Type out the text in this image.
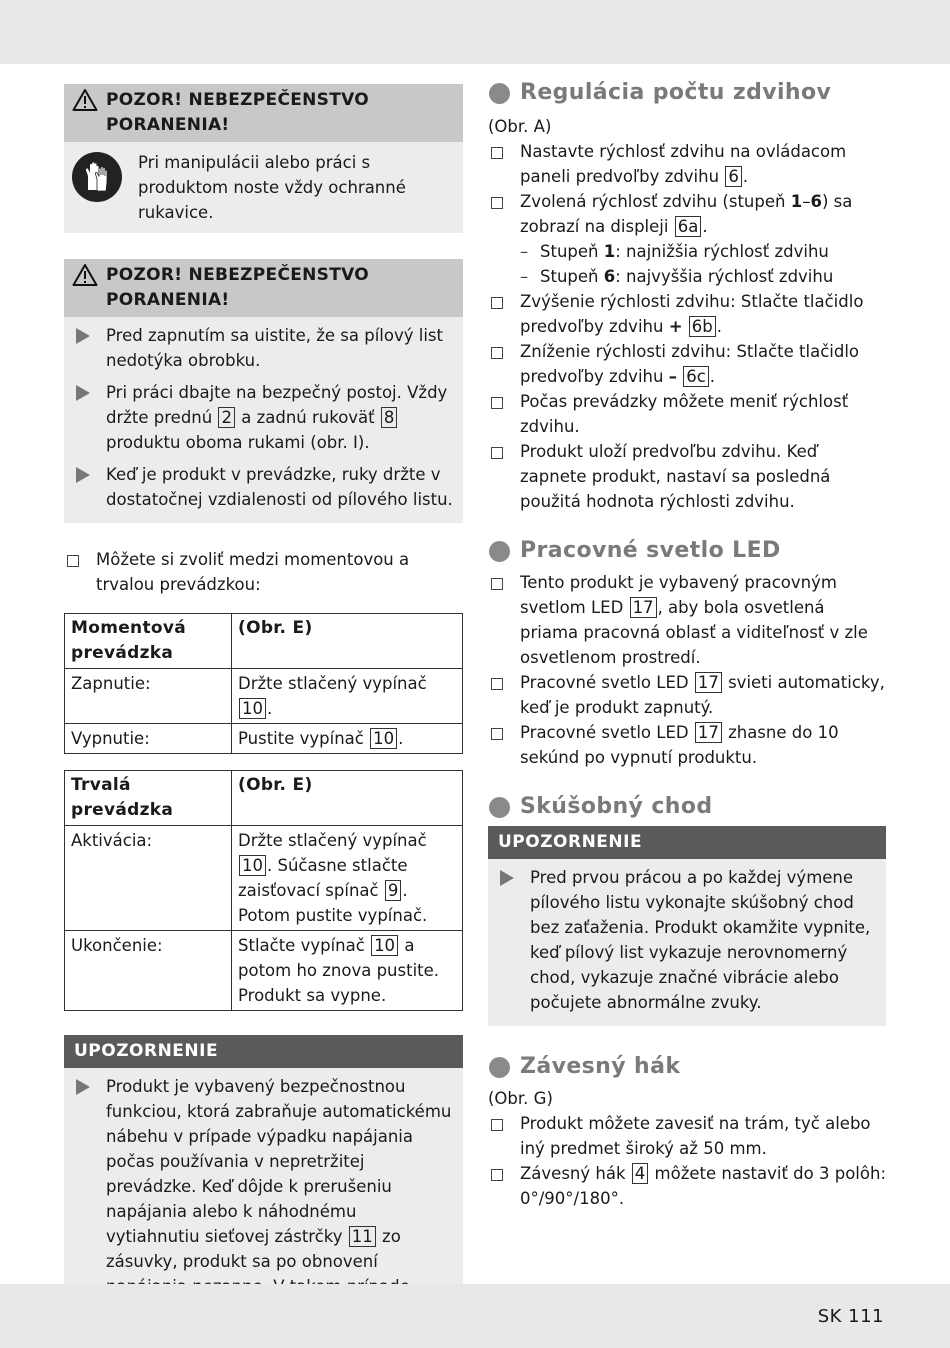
POZOR! NEBEZPEČENSTVO
PORANENIA!
Pri manipulácii alebo práci s produktom noste vždy ochranné rukavice.
POZOR! NEBEZPEČENSTVO
PORANENIA!
Pred zapnutím sa uistite, že sa pílový list nedotýka obrobku.
Pri práci dbajte na bezpečný postoj. Vždy držte prednú 2 a zadnú rukoväť 8 produktu oboma rukami (obr. I).
Keď je produkt v prevádzke, ruky držte v dostatočnej vzdialenosti od pílového listu.
Môžete si zvoliť medzi momentovou a trvalou prevádzkou:
Momentová prevádzka	(Obr. E)
Zapnutie:	Držte stlačený vypínač 10 .
Vypnutie:	Pustite vypínač 10 .
Trvalá prevádzka	(Obr. E)
Aktivácia:	Držte stlačený vypínač 10 . Súčasne stlačte zaisťovací spínač 9 . Potom pustite vypínač.
Ukončenie:	Stlačte vypínač 10 a potom ho znova pustite. Produkt sa vypne.
UPOZORNENIE
Produkt je vybavený bezpečnostnou funkciou, ktorá zabraňuje automatickému nábehu v prípade výpadku napájania počas používania v nepretržitej prevádzke. Keď dôjde k prerušeniu napájania alebo k náhodnému vytiahnutiu sieťovej zástrčky 11 zo zásuvky, produkt sa po obnovení
Regulácia počtu zdvihov
(Obr. A)
Nastavte rýchlosť zdvihu na ovládacom paneli predvoľby zdvihu 6 .
Zvolená rýchlosť zdvihu (stupeň 1–6) sa zobrazí na displeji 6a .
– Stupeň 1: najnižšia rýchlosť zdvihu
– Stupeň 6: najvyššia rýchlosť zdvihu
Zvýšenie rýchlosti zdvihu: Stlačte tlačidlo predvoľby zdvihu + 6b .
Zníženie rýchlosti zdvihu: Stlačte tlačidlo predvoľby zdvihu – 6c .
Počas prevádzky môžete meniť rýchlosť zdvihu.
Produkt uloží predvoľbu zdvihu. Keď zapnete produkt, nastaví sa posledná použitá hodnota rýchlosti zdvihu.
Pracovné svetlo LED
Tento produkt je vybavený pracovným svetlom LED 17 , aby bola osvetlená priama pracovná oblasť a viditeľnosť v zle osvetlenom prostredí.
Pracovné svetlo LED 17 svieti automaticky, keď je produkt zapnutý.
Pracovné svetlo LED 17 zhasne do 10 sekúnd po vypnutí produktu.
Skúšobný chod
UPOZORNENIE
Pred prvou prácou a po každej výmene pílového listu vykonajte skúšobný chod bez zaťaženia. Produkt okamžite vypnite, keď pílový list vykazuje nerovnomerný chod, vykazuje značné vibrácie alebo počujete abnormálne zvuky.
Závesný hák
(Obr. G)
Produkt môžete zavesiť na trám, tyč alebo iný predmet široký až 50 mm.
Závesný hák 4 môžete nastaviť do 3 polôh: 0°/90°/180°.
SK 111
